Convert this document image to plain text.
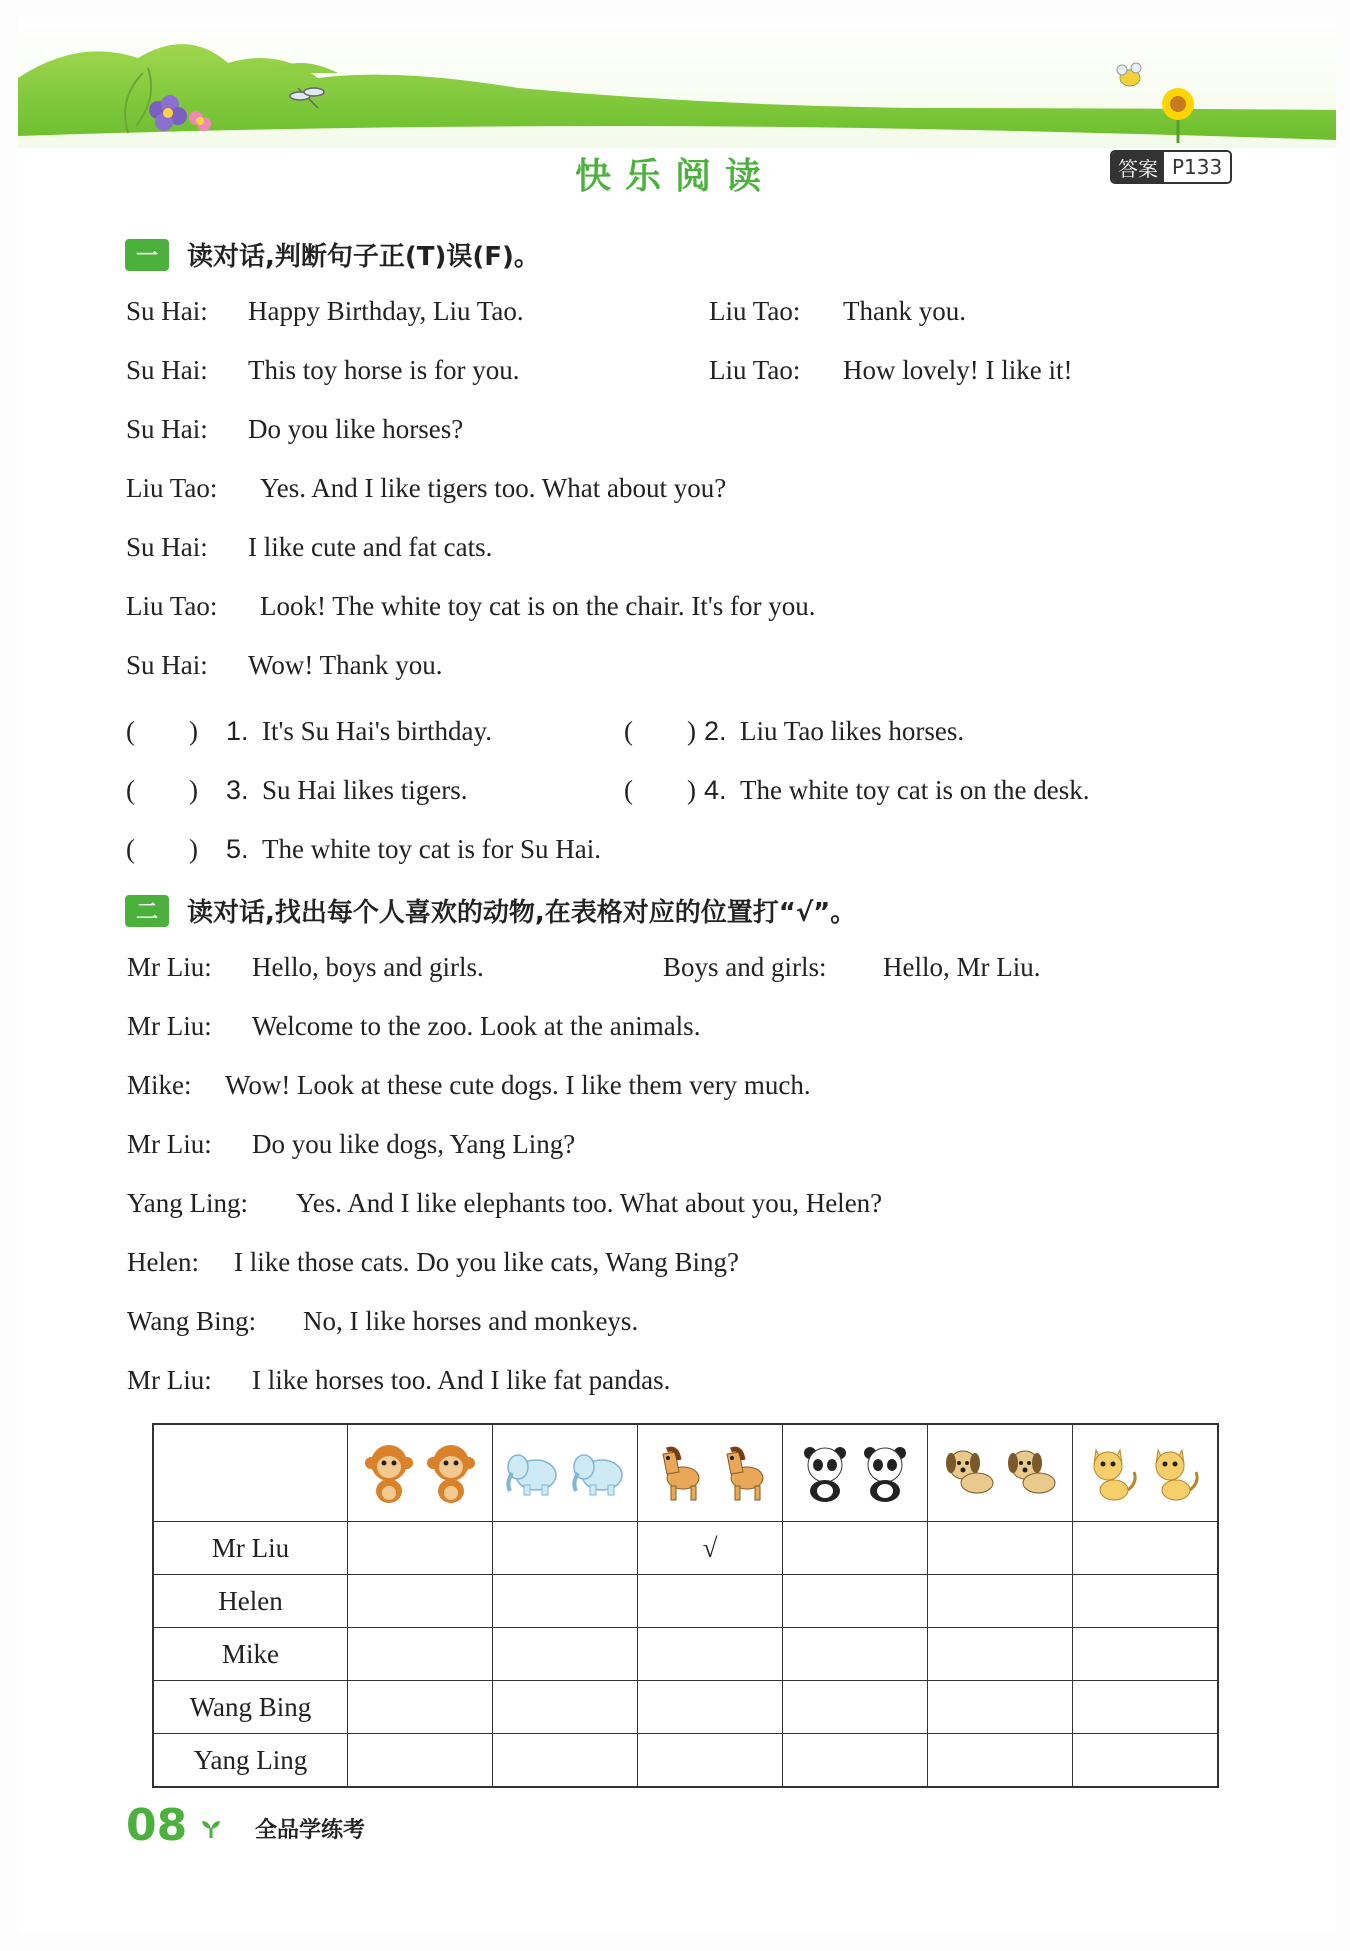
快乐阅读	答案 P133
一	读对话,判断句子正(T)误(F)。
Su Hai: Happy Birthday, Liu Tao.	Liu Tao: Thank you.
Su Hai: This toy horse is for you.	Liu Tao: How lovely! I like it!
Su Hai: Do you like horses?
Liu Tao: Yes. And I like tigers too. What about you?
Su Hai: I like cute and fat cats.
Liu Tao: Look! The white toy cat is on the chair. It's for you.
Su Hai: Wow! Thank you.
(　　) 1. It's Su Hai's birthday.	(　　) 2. Liu Tao likes horses.
(　　) 3. Su Hai likes tigers.	(　　) 4. The white toy cat is on the desk.
(　　) 5. The white toy cat is for Su Hai.
二	读对话,找出每个人喜欢的动物,在表格对应的位置打“√”。
Mr Liu: Hello, boys and girls.	Boys and girls: Hello, Mr Liu.
Mr Liu: Welcome to the zoo. Look at the animals.
Mike: Wow! Look at these cute dogs. I like them very much.
Mr Liu: Do you like dogs, Yang Ling?
Yang Ling: Yes. And I like elephants too. What about you, Helen?
Helen: I like those cats. Do you like cats, Wang Bing?
Wang Bing: No, I like horses and monkeys.
Mr Liu: I like horses too. And I like fat pandas.

Mr Liu			√			
Helen						
Mike						
Wang Bing						
Yang Ling						
08	全品学练考
